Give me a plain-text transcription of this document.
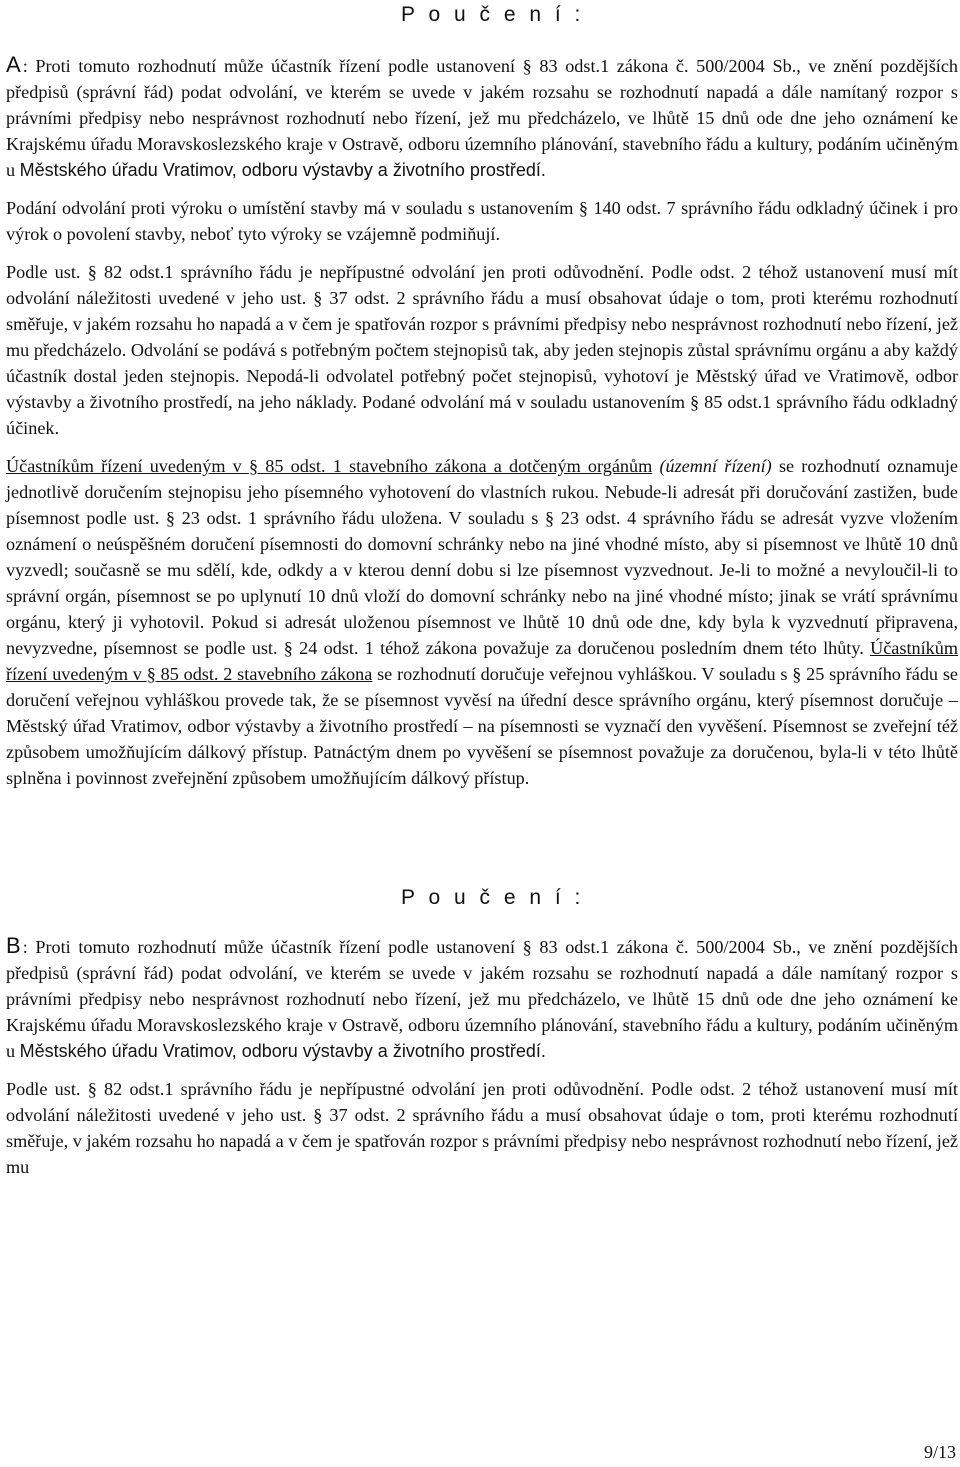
P o u č e n í :

A : Proti tomuto rozhodnutí může účastník řízení podle ustanovení § 83 odst.1 zákona č. 500/2004 Sb., ve znění pozdějších předpisů (správní řád) podat odvolání, ve kterém se uvede v jakém rozsahu se rozhodnutí napadá a dále namítaný rozpor s právními předpisy nebo nesprávnost rozhodnutí nebo řízení, jež mu předcházelo, ve lhůtě 15 dnů ode dne jeho oznámení ke Krajskému úřadu Moravskoslezského kraje v Ostravě, odboru územního plánování, stavebního řádu a kultury, podáním učiněným u Městského úřadu Vratimov, odboru výstavby a životního prostředí.

Podání odvolání proti výroku o umístění stavby má v souladu s ustanovením § 140 odst. 7 správního řádu odkladný účinek i pro výrok o povolení stavby, neboť tyto výroky se vzájemně podmiňují.

Podle ust. § 82 odst.1 správního řádu je nepřípustné odvolání jen proti odůvodnění. Podle odst. 2 téhož ustanovení musí mít odvolání náležitosti uvedené v jeho ust. § 37 odst. 2 správního řádu a musí obsahovat údaje o tom, proti kterému rozhodnutí směřuje, v jakém rozsahu ho napadá a v čem je spatřován rozpor s právními předpisy nebo nesprávnost rozhodnutí nebo řízení, jež mu předcházelo. Odvolání se podává s potřebným počtem stejnopisů tak, aby jeden stejnopis zůstal správnímu orgánu a aby každý účastník dostal jeden stejnopis. Nepodá-li odvolatel potřebný počet stejnopisů, vyhotoví je Městský úřad ve Vratimově, odbor výstavby a životního prostředí, na jeho náklady. Podané odvolání má v souladu ustanovením § 85 odst.1 správního řádu odkladný účinek.

Účastníkům řízení uvedeným v § 85 odst. 1 stavebního zákona a dotčeným orgánům (územní řízení) se rozhodnutí oznamuje jednotlivě doručením stejnopisu jeho písemného vyhotovení do vlastních rukou. Nebude-li adresát při doručování zastižen, bude písemnost podle ust. § 23 odst. 1 správního řádu uložena. V souladu s § 23 odst. 4 správního řádu se adresát vyzve vložením oznámení o neúspěšném doručení písemnosti do domovní schránky nebo na jiné vhodné místo, aby si písemnost ve lhůtě 10 dnů vyzvedl; současně se mu sdělí, kde, odkdy a v kterou denní dobu si lze písemnost vyzvednout. Je-li to možné a nevyloučil-li to správní orgán, písemnost se po uplynutí 10 dnů vloží do domovní schránky nebo na jiné vhodné místo; jinak se vrátí správnímu orgánu, který ji vyhotovil. Pokud si adresát uloženou písemnost ve lhůtě 10 dnů ode dne, kdy byla k vyzvednutí připravena, nevyzvedne, písemnost se podle ust. § 24 odst. 1 téhož zákona považuje za doručenou posledním dnem této lhůty. Účastníkům řízení uvedeným v § 85 odst. 2 stavebního zákona se rozhodnutí doručuje veřejnou vyhláškou. V souladu s § 25 správního řádu se doručení veřejnou vyhláškou provede tak, že se písemnost vyvěsí na úřední desce správního orgánu, který písemnost doručuje – Městský úřad Vratimov, odbor výstavby a životního prostředí – na písemnosti se vyznačí den vyvěšení. Písemnost se zveřejní též způsobem umožňujícím dálkový přístup. Patnáctým dnem po vyvěšení se písemnost považuje za doručenou, byla-li v této lhůtě splněna i povinnost zveřejnění způsobem umožňujícím dálkový přístup.

P o u č e n í :

B : Proti tomuto rozhodnutí může účastník řízení podle ustanovení § 83 odst.1 zákona č. 500/2004 Sb., ve znění pozdějších předpisů (správní řád) podat odvolání, ve kterém se uvede v jakém rozsahu se rozhodnutí napadá a dále namítaný rozpor s právními předpisy nebo nesprávnost rozhodnutí nebo řízení, jež mu předcházelo, ve lhůtě 15 dnů ode dne jeho oznámení ke Krajskému úřadu Moravskoslezského kraje v Ostravě, odboru územního plánování, stavebního řádu a kultury, podáním učiněným u Městského úřadu Vratimov, odboru výstavby a životního prostředí.

Podle ust. § 82 odst.1 správního řádu je nepřípustné odvolání jen proti odůvodnění. Podle odst. 2 téhož ustanovení musí mít odvolání náležitosti uvedené v jeho ust. § 37 odst. 2 správního řádu a musí obsahovat údaje o tom, proti kterému rozhodnutí směřuje, v jakém rozsahu ho napadá a v čem je spatřován rozpor s právními předpisy nebo nesprávnost rozhodnutí nebo řízení, jež mu

9/13
